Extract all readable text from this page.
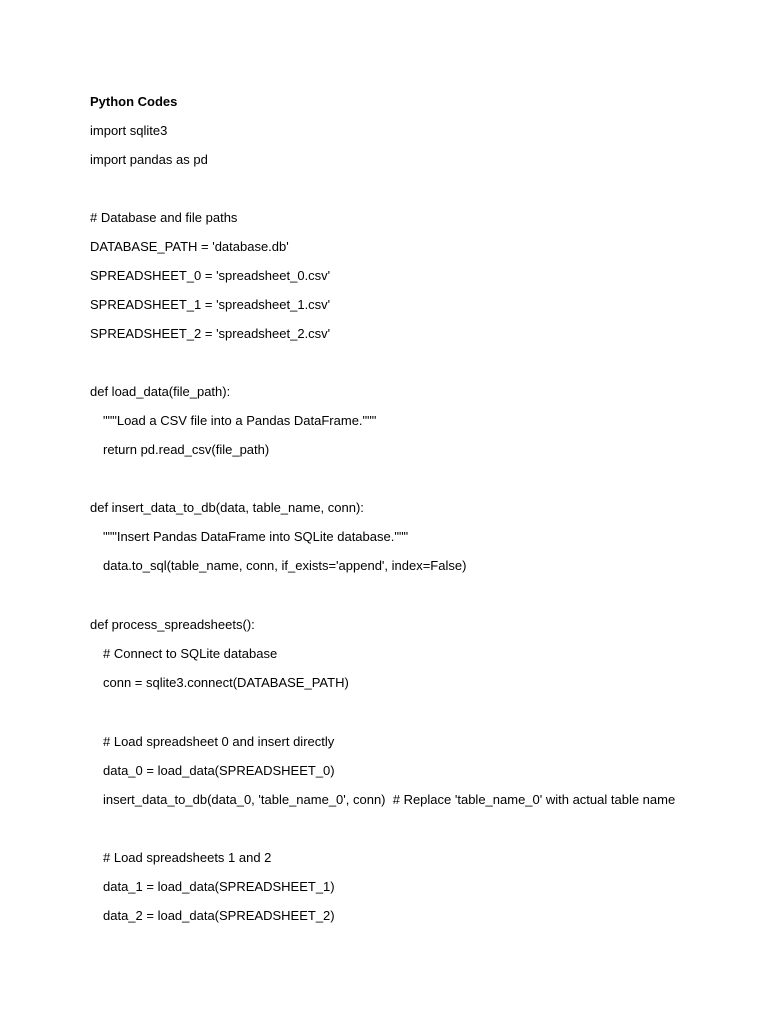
Python Codes

import sqlite3

import pandas as pd

# Database and file paths

DATABASE_PATH = 'database.db'

SPREADSHEET_0 = 'spreadsheet_0.csv'

SPREADSHEET_1 = 'spreadsheet_1.csv'

SPREADSHEET_2 = 'spreadsheet_2.csv'

def load_data(file_path):

"""Load a CSV file into a Pandas DataFrame."""

return pd.read_csv(file_path)

def insert_data_to_db(data, table_name, conn):

"""Insert Pandas DataFrame into SQLite database."""

data.to_sql(table_name, conn, if_exists='append', index=False)

def process_spreadsheets():

# Connect to SQLite database

conn = sqlite3.connect(DATABASE_PATH)

# Load spreadsheet 0 and insert directly

data_0 = load_data(SPREADSHEET_0)

insert_data_to_db(data_0, 'table_name_0', conn)  # Replace 'table_name_0' with actual table name

# Load spreadsheets 1 and 2

data_1 = load_data(SPREADSHEET_1)

data_2 = load_data(SPREADSHEET_2)
